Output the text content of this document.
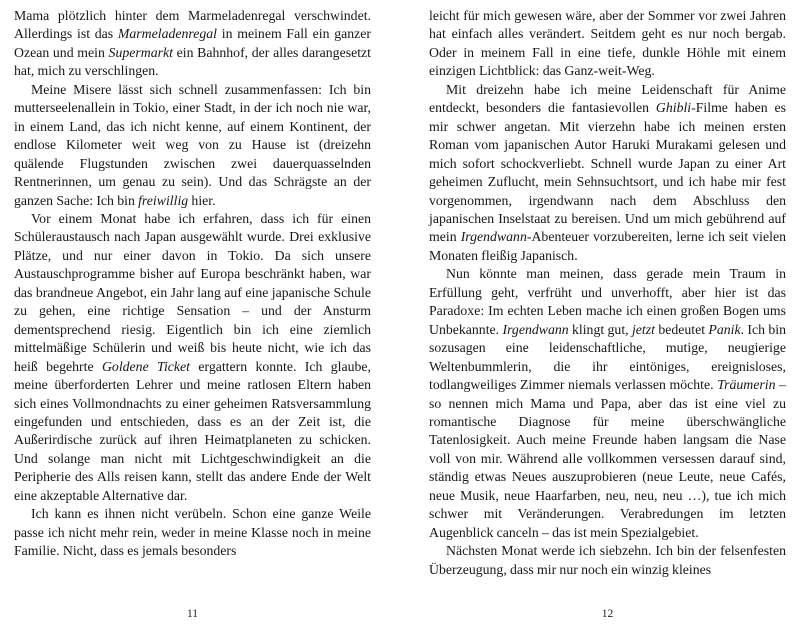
Mama plötzlich hinter dem Marmeladenregal verschwindet. Allerdings ist das Marmeladenregal in meinem Fall ein ganzer Ozean und mein Supermarkt ein Bahnhof, der alles darangesetzt hat, mich zu verschlingen.

Meine Misere lässt sich schnell zusammenfassen: Ich bin mutterseelenallein in Tokio, einer Stadt, in der ich noch nie war, in einem Land, das ich nicht kenne, auf einem Kontinent, der endlose Kilometer weit weg von zu Hause ist (dreizehn quälende Flugstunden zwischen zwei dauerquasselnden Rentnerinnen, um genau zu sein). Und das Schrägste an der ganzen Sache: Ich bin freiwillig hier.

Vor einem Monat habe ich erfahren, dass ich für einen Schüleraustausch nach Japan ausgewählt wurde. Drei exklusive Plätze, und nur einer davon in Tokio. Da sich unsere Austauschprogramme bisher auf Europa beschränkt haben, war das brandneue Angebot, ein Jahr lang auf eine japanische Schule zu gehen, eine richtige Sensation – und der Ansturm dementsprechend riesig. Eigentlich bin ich eine ziemlich mittelmäßige Schülerin und weiß bis heute nicht, wie ich das heiß begehrte Goldene Ticket ergattern konnte. Ich glaube, meine überforderten Lehrer und meine ratlosen Eltern haben sich eines Vollmondnachts zu einer geheimen Ratsversammlung eingefunden und entschieden, dass es an der Zeit ist, die Außerirdische zurück auf ihren Heimatplaneten zu schicken. Und solange man nicht mit Lichtgeschwindigkeit an die Peripherie des Alls reisen kann, stellt das andere Ende der Welt eine akzeptable Alternative dar.

Ich kann es ihnen nicht verübeln. Schon eine ganze Weile passe ich nicht mehr rein, weder in meine Klasse noch in meine Familie. Nicht, dass es jemals besonders

11

leicht für mich gewesen wäre, aber der Sommer vor zwei Jahren hat einfach alles verändert. Seitdem geht es nur noch bergab. Oder in meinem Fall in eine tiefe, dunkle Höhle mit einem einzigen Lichtblick: das Ganz-weit-Weg.

Mit dreizehn habe ich meine Leidenschaft für Anime entdeckt, besonders die fantasievollen Ghibli-Filme haben es mir schwer angetan. Mit vierzehn habe ich meinen ersten Roman vom japanischen Autor Haruki Murakami gelesen und mich sofort schockverliebt. Schnell wurde Japan zu einer Art geheimen Zuflucht, mein Sehnsuchtsort, und ich habe mir fest vorgenommen, irgendwann nach dem Abschluss den japanischen Inselstaat zu bereisen. Und um mich gebührend auf mein Irgendwann-Abenteuer vorzubereiten, lerne ich seit vielen Monaten fleißig Japanisch.

Nun könnte man meinen, dass gerade mein Traum in Erfüllung geht, verfrüht und unverhofft, aber hier ist das Paradoxe: Im echten Leben mache ich einen großen Bogen ums Unbekannte. Irgendwann klingt gut, jetzt bedeutet Panik. Ich bin sozusagen eine leidenschaftliche, mutige, neugierige Weltenbummlerin, die ihr eintöniges, ereignisloses, todlangweiliges Zimmer niemals verlassen möchte. Träumerin – so nennen mich Mama und Papa, aber das ist eine viel zu romantische Diagnose für meine überschwängliche Tatenlosigkeit. Auch meine Freunde haben langsam die Nase voll von mir. Während alle vollkommen versessen darauf sind, ständig etwas Neues auszuprobieren (neue Leute, neue Cafés, neue Musik, neue Haarfarben, neu, neu, neu …), tue ich mich schwer mit Veränderungen. Verabredungen im letzten Augenblick canceln – das ist mein Spezialgebiet.

Nächsten Monat werde ich siebzehn. Ich bin der felsenfesten Überzeugung, dass mir nur noch ein winzig kleines

12
